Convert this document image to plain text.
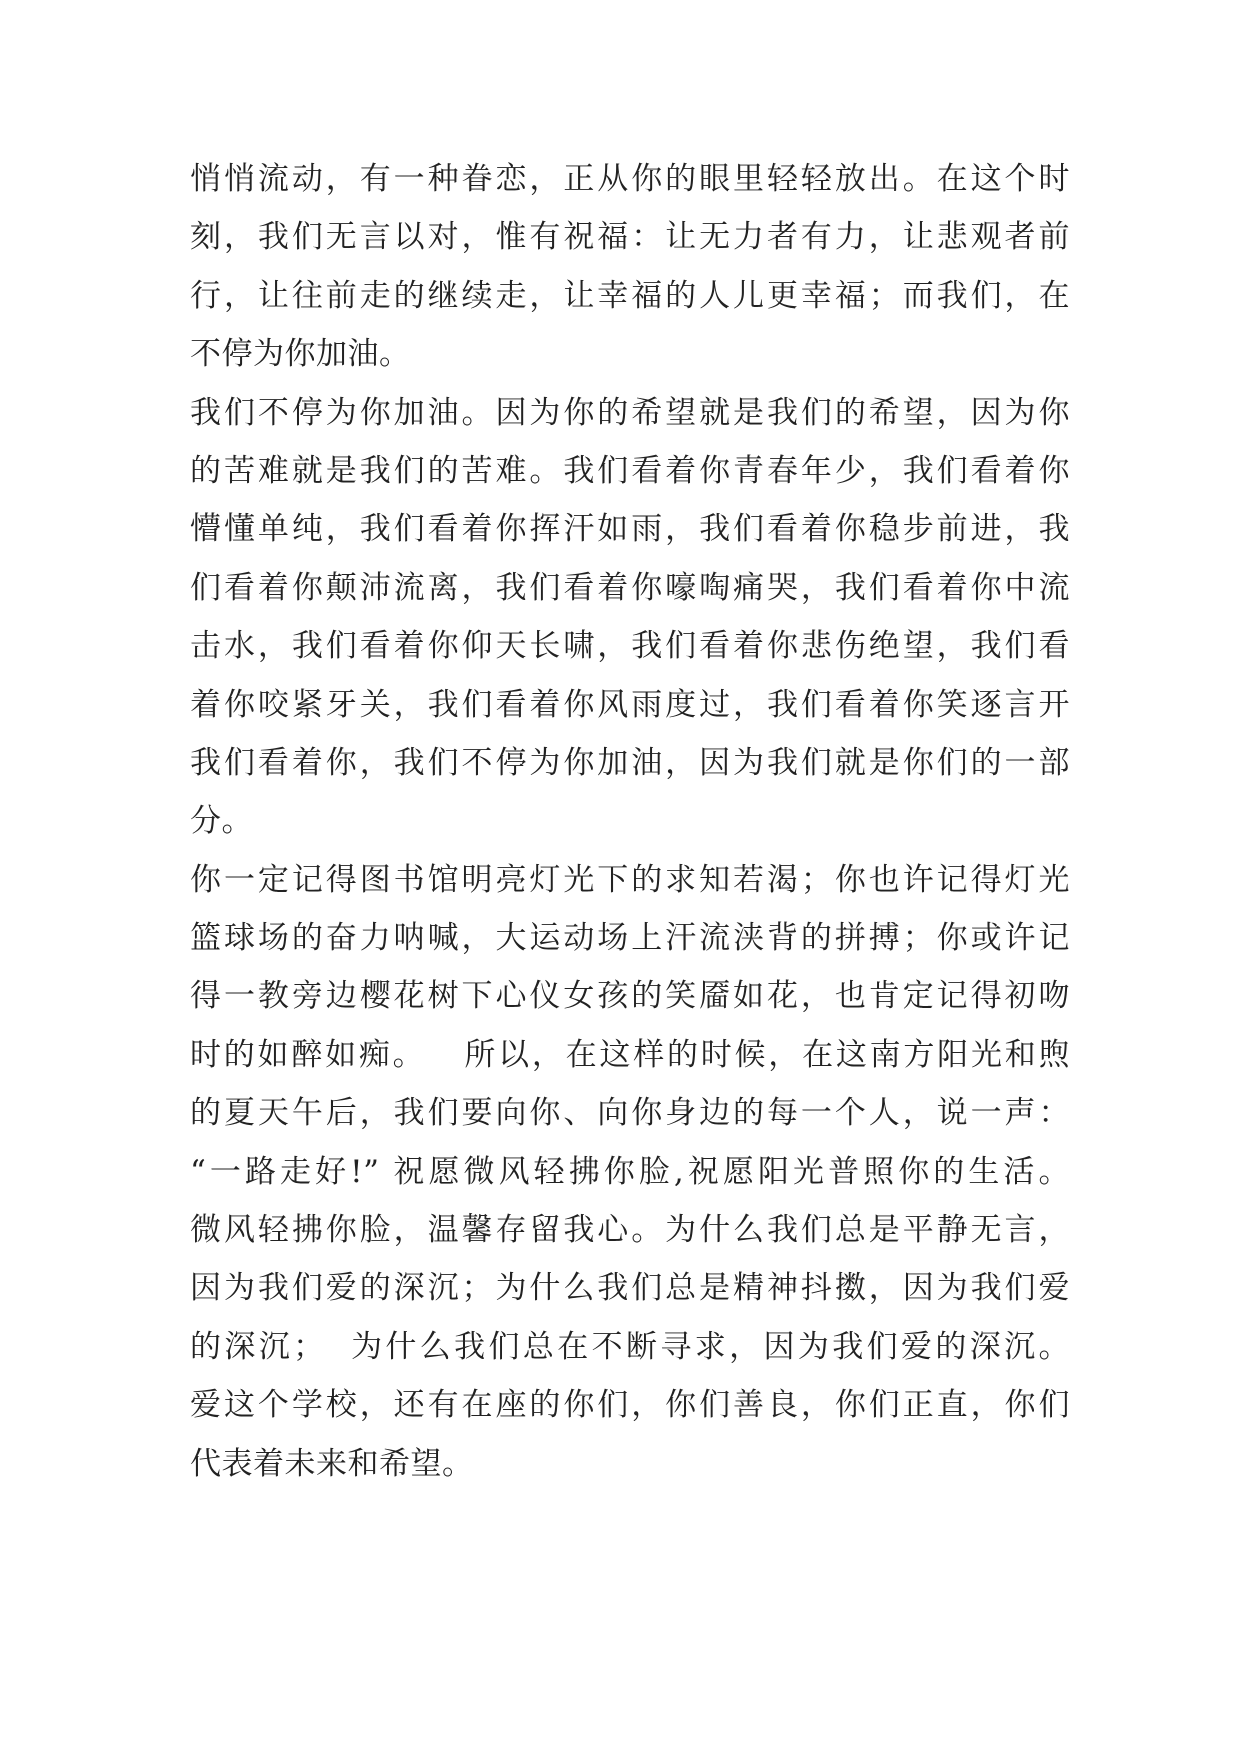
悄悄流动，有一种眷恋，正从你的眼里轻轻放出。在这个时
刻，我们无言以对，惟有祝福：让无力者有力，让悲观者前
行，让往前走的继续走，让幸福的人儿更幸福；而我们，在
不停为你加油。
我们不停为你加油。因为你的希望就是我们的希望，因为你
的苦难就是我们的苦难。我们看着你青春年少，我们看着你
懵懂单纯，我们看着你挥汗如雨，我们看着你稳步前进，我
们看着你颠沛流离，我们看着你嚎啕痛哭，我们看着你中流
击水，我们看着你仰天长啸，我们看着你悲伤绝望，我们看
着你咬紧牙关，我们看着你风雨度过，我们看着你笑逐言开
我们看着你，我们不停为你加油，因为我们就是你们的一部
分。
你一定记得图书馆明亮灯光下的求知若渴；你也许记得灯光
篮球场的奋力呐喊，大运动场上汗流浃背的拼搏；你或许记
得一教旁边樱花树下心仪女孩的笑靥如花，也肯定记得初吻
时的如醉如痴。   所以，在这样的时候，在这南方阳光和煦
的夏天午后，我们要向你、向你身边的每一个人，说一声：
“一路走好!” 祝愿微风轻拂你脸,祝愿阳光普照你的生活。
微风轻拂你脸，温馨存留我心。为什么我们总是平静无言，
因为我们爱的深沉；为什么我们总是精神抖擞，因为我们爱
的深沉；  为什么我们总在不断寻求，因为我们爱的深沉。
爱这个学校，还有在座的你们，你们善良，你们正直，你们
代表着未来和希望。
